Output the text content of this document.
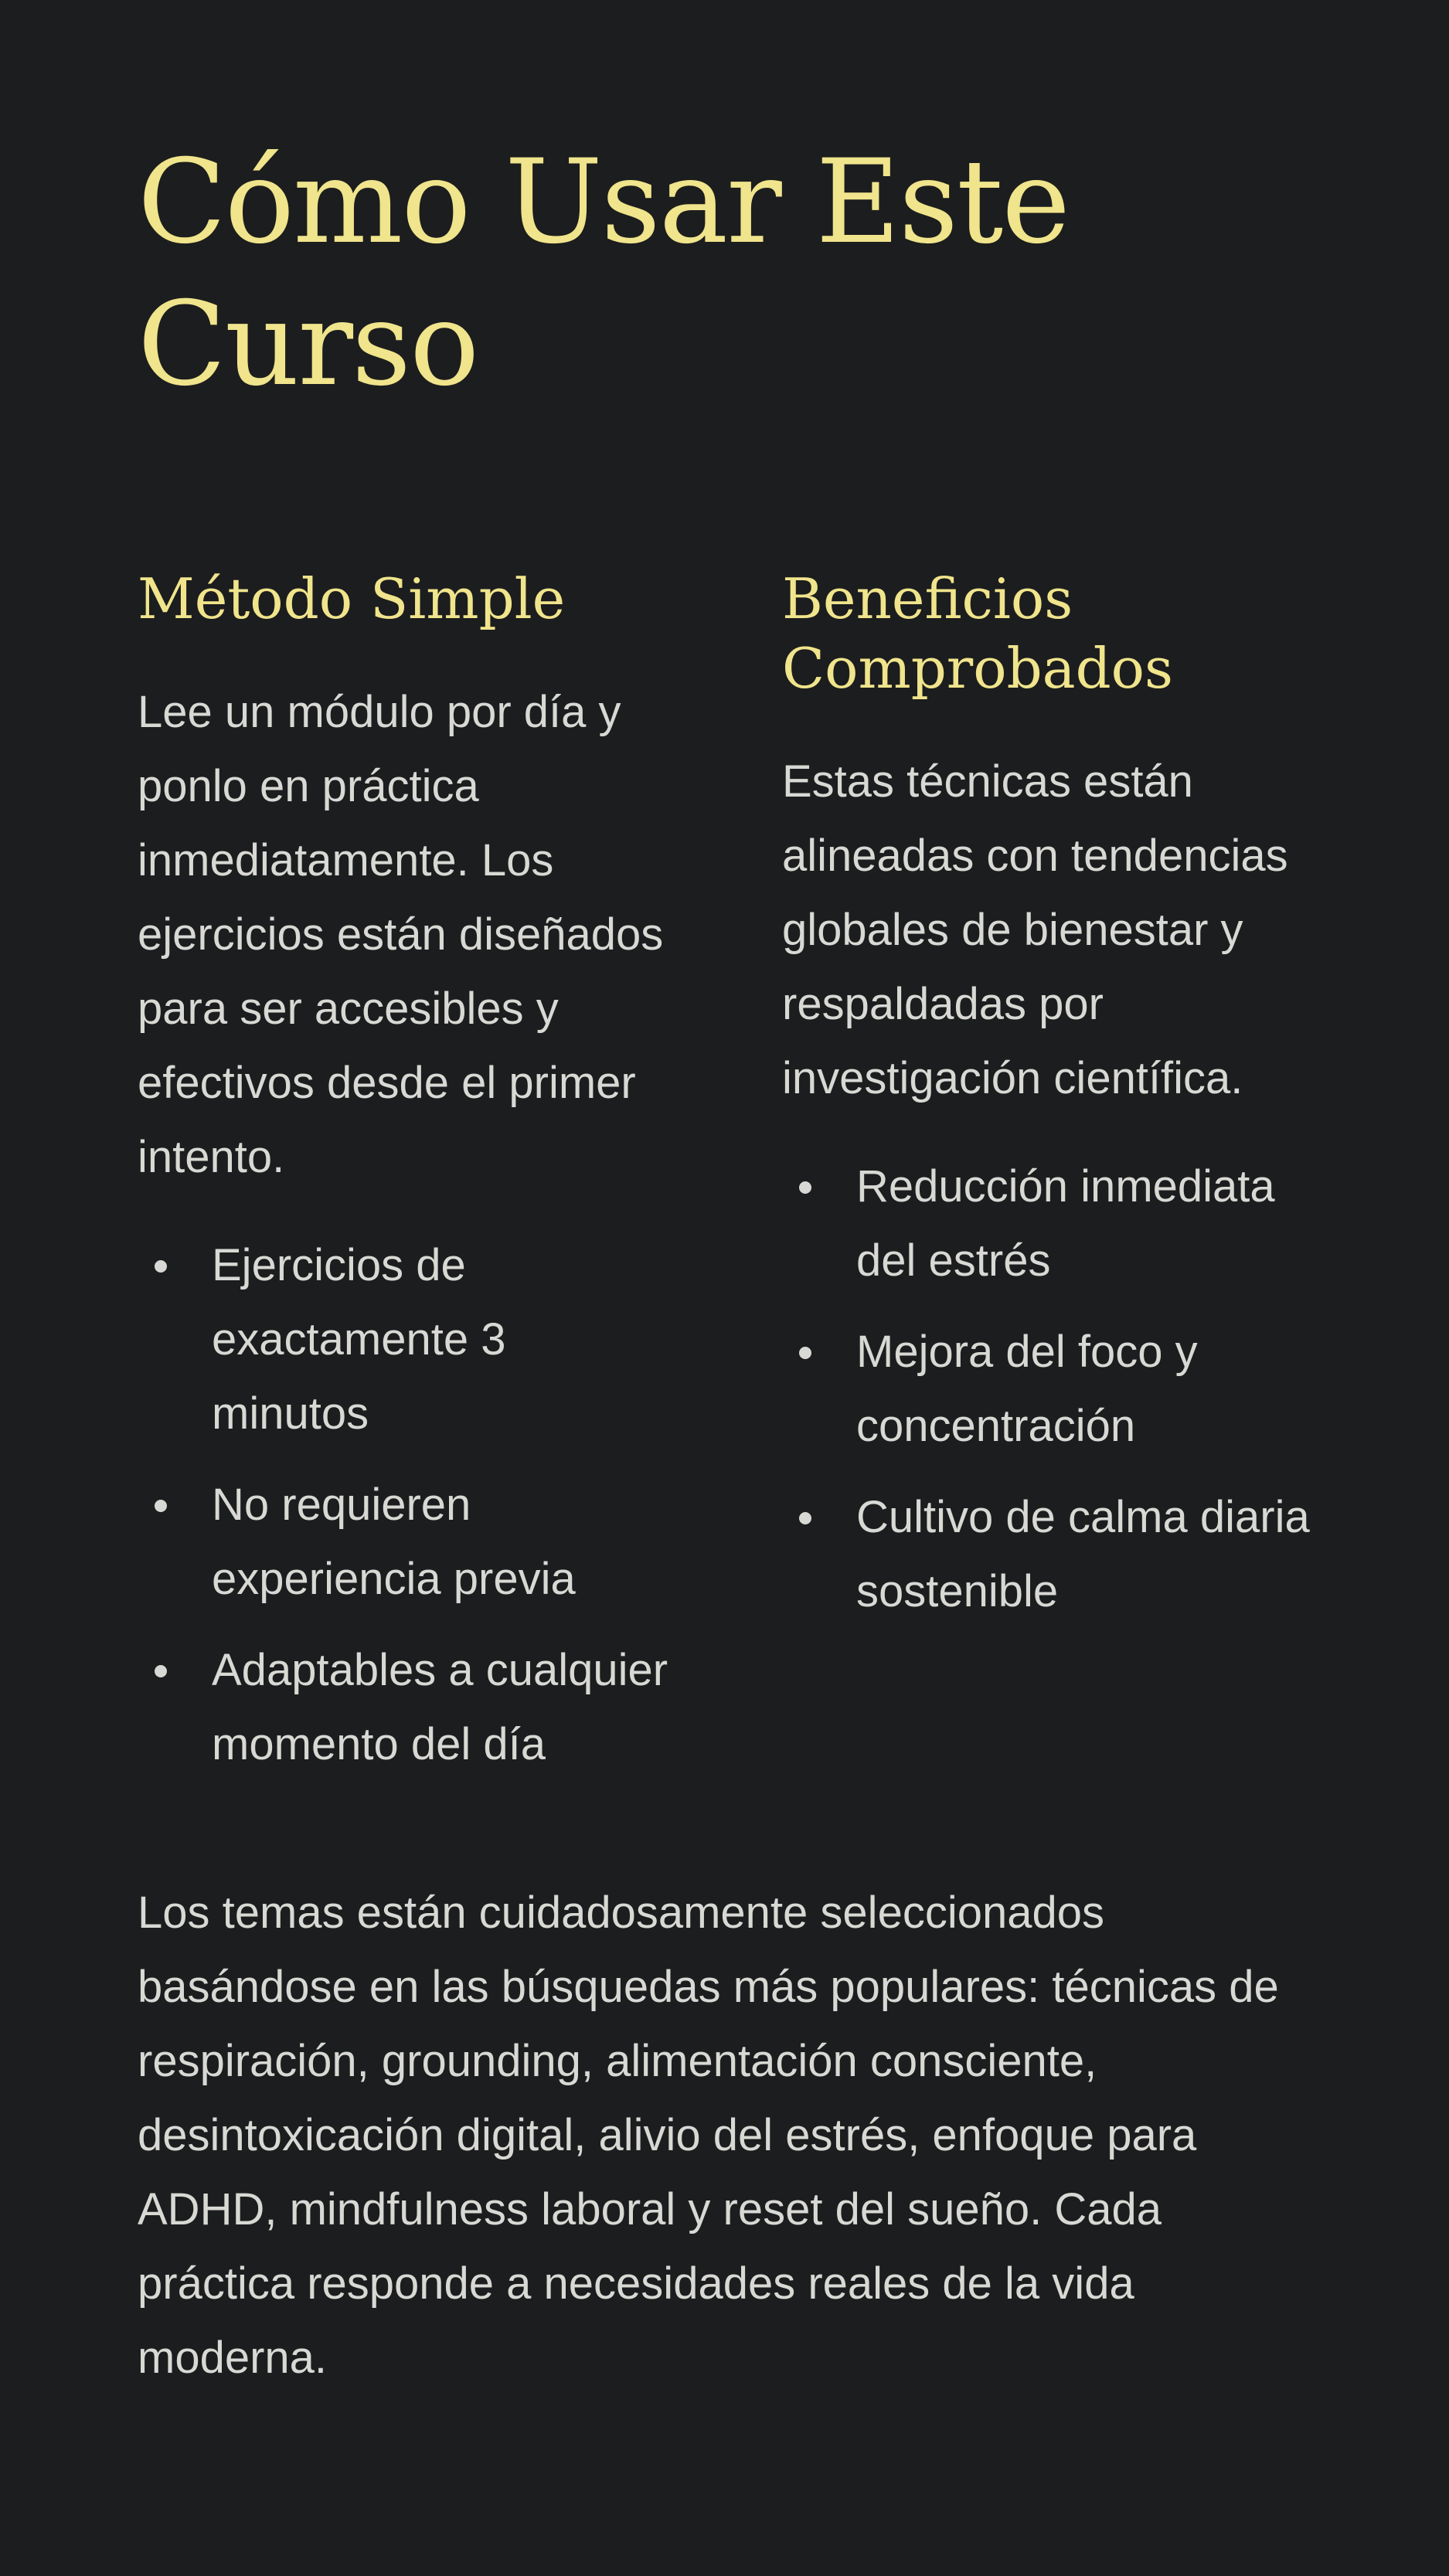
Cómo Usar Este Curso
Método Simple

Lee un módulo por día y ponlo en práctica inmediatamente. Los ejercicios están diseñados para ser accesibles y efectivos desde el primer intento.

Ejercicios de exactamente 3 minutos
No requieren experiencia previa
Adaptables a cualquier momento del día
Beneficios Comprobados

Estas técnicas están alineadas con tendencias globales de bienestar y respaldadas por investigación científica.

Reducción inmediata del estrés
Mejora del foco y concentración
Cultivo de calma diaria sostenible

Los temas están cuidadosamente seleccionados basándose en las búsquedas más populares: técnicas de respiración, grounding, alimentación consciente, desintoxicación digital, alivio del estrés, enfoque para ADHD, mindfulness laboral y reset del sueño. Cada práctica responde a necesidades reales de la vida moderna.
